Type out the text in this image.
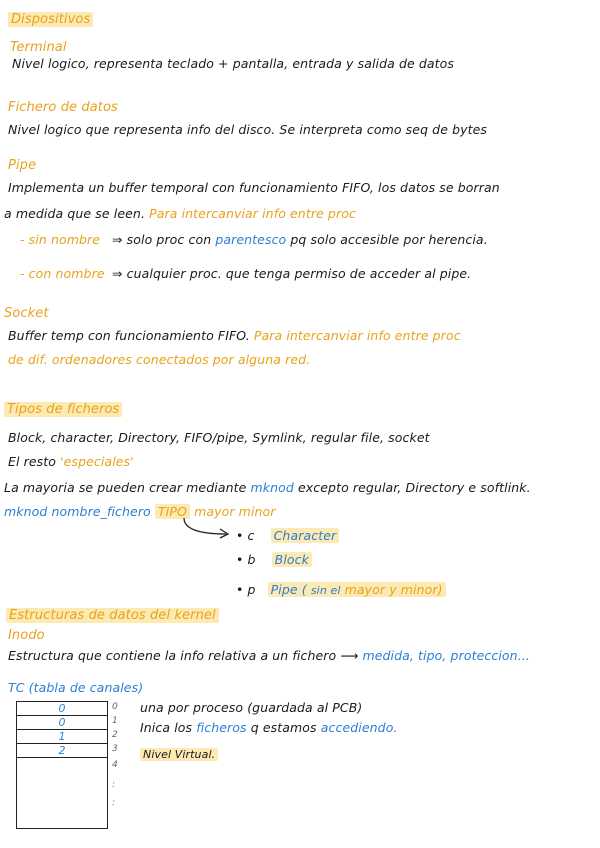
Dispositivos
Terminal
Nivel logico, representa teclado + pantalla, entrada y salida de datos
Fichero de datos
Nivel logico que representa info del disco. Se interpreta como seq de bytes
Pipe
Implementa un buffer temporal con funcionamiento FIFO, los datos se borran
a medida que se leen. Para intercanviar info entre proc
- sin nombre ⇒ solo proc con parentesco pq solo accesible por herencia.
- con nombre ⇒ cualquier proc. que tenga permiso de acceder al pipe.
Socket
Buffer temp con funcionamiento FIFO. Para intercanviar info entre proc
de dif. ordenadores conectados por alguna red.
Tipos de ficheros
Block, character, Directory, FIFO/pipe, Symlink, regular file, socket
El resto 'especiales'
La mayoria se pueden crear mediante mknod excepto regular, Directory e softlink.
mknod nombre_fichero TIPO mayor minor
• c Character
• b Block
• p Pipe ( sin el mayor y minor)
Estructuras de datos del kernel
Inodo
Estructura que contiene la info relativa a un fichero ⟶ medida, tipo, proteccion...
TC (tabla de canales)
0
0
1
2
0
1
2
3
4
:
:
una por proceso (guardada al PCB)
Inica los ficheros q estamos accediendo.
Nivel Virtual.
